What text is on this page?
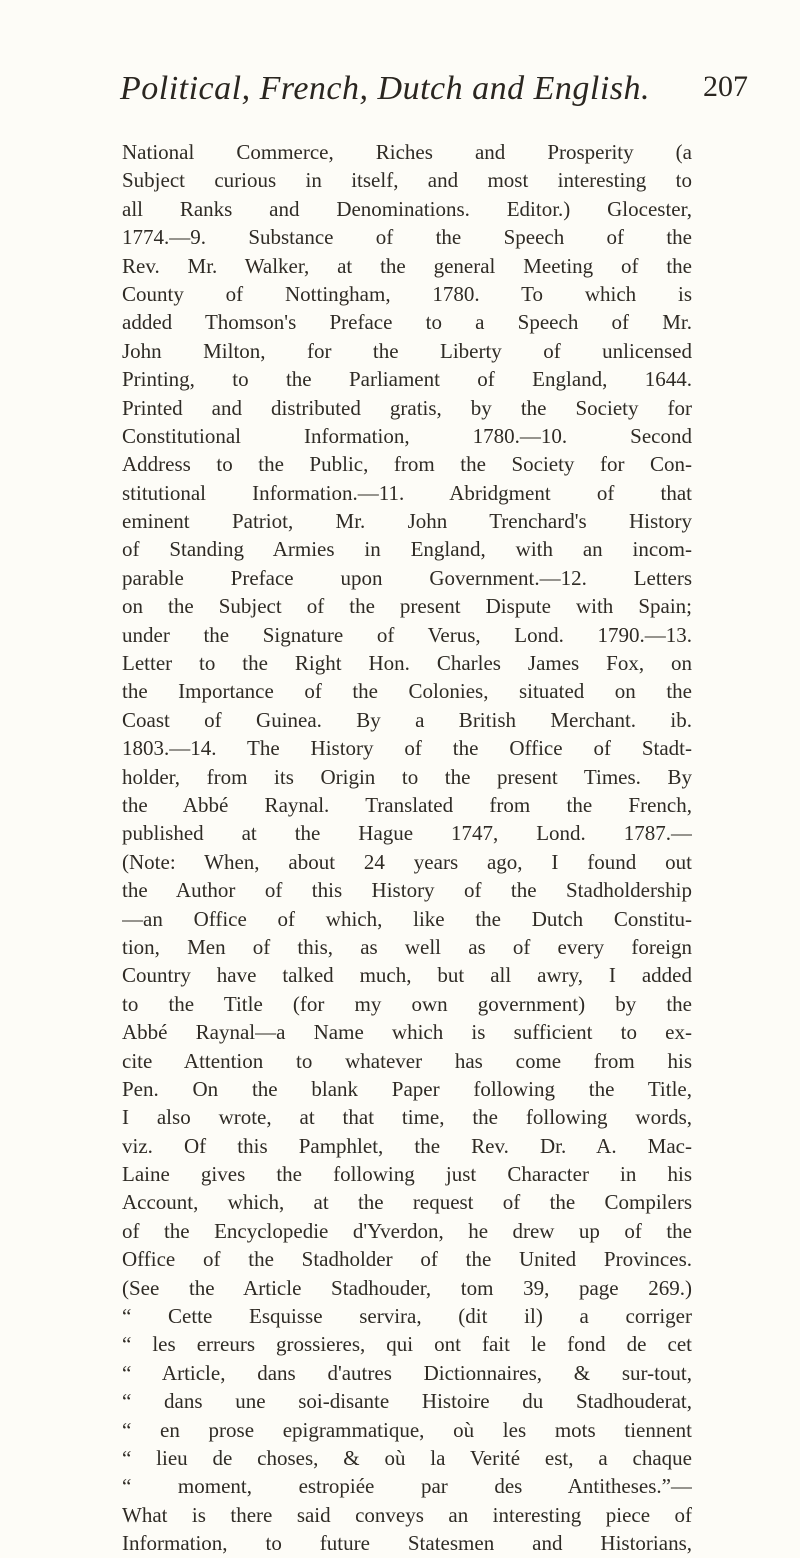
Political, French, Dutch and English. 207
National Commerce, Riches and Prosperity (a
Subject curious in itself, and most interesting to
all Ranks and Denominations. Editor.) Glocester,
1774.—9. Substance of the Speech of the
Rev. Mr. Walker, at the general Meeting of the
County of Nottingham, 1780. To which is
added Thomson's Preface to a Speech of Mr.
John Milton, for the Liberty of unlicensed
Printing, to the Parliament of England, 1644.
Printed and distributed gratis, by the Society for
Constitutional Information, 1780.—10. Second
Address to the Public, from the Society for Con-
stitutional Information.—11. Abridgment of that
eminent Patriot, Mr. John Trenchard's History
of Standing Armies in England, with an incom-
parable Preface upon Government.—12. Letters
on the Subject of the present Dispute with Spain;
under the Signature of Verus, Lond. 1790.—13.
Letter to the Right Hon. Charles James Fox, on
the Importance of the Colonies, situated on the
Coast of Guinea. By a British Merchant. ib.
1803.—14. The History of the Office of Stadt-
holder, from its Origin to the present Times. By
the Abbé Raynal. Translated from the French,
published at the Hague 1747, Lond. 1787.—
(Note: When, about 24 years ago, I found out
the Author of this History of the Stadholdership
—an Office of which, like the Dutch Constitu-
tion, Men of this, as well as of every foreign
Country have talked much, but all awry, I added
to the Title (for my own government) by the
Abbé Raynal—a Name which is sufficient to ex-
cite Attention to whatever has come from his
Pen. On the blank Paper following the Title,
I also wrote, at that time, the following words,
viz. Of this Pamphlet, the Rev. Dr. A. Mac-
Laine gives the following just Character in his
Account, which, at the request of the Compilers
of the Encyclopedie d'Yverdon, he drew up of the
Office of the Stadholder of the United Provinces.
(See the Article Stadhouder, tom 39, page 269.)
“ Cette Esquisse servira, (dit il) a corriger
“ les erreurs grossieres, qui ont fait le fond de cet
“ Article, dans d'autres Dictionnaires, & sur-tout,
“ dans une soi-disante Histoire du Stadhouderat,
“ en prose epigrammatique, où les mots tiennent
“ lieu de choses, & où la Verité est, a chaque
“ moment, estropiée par des Antitheses.”—
What is there said conveys an interesting piece of
Information, to future Statesmen and Historians,
